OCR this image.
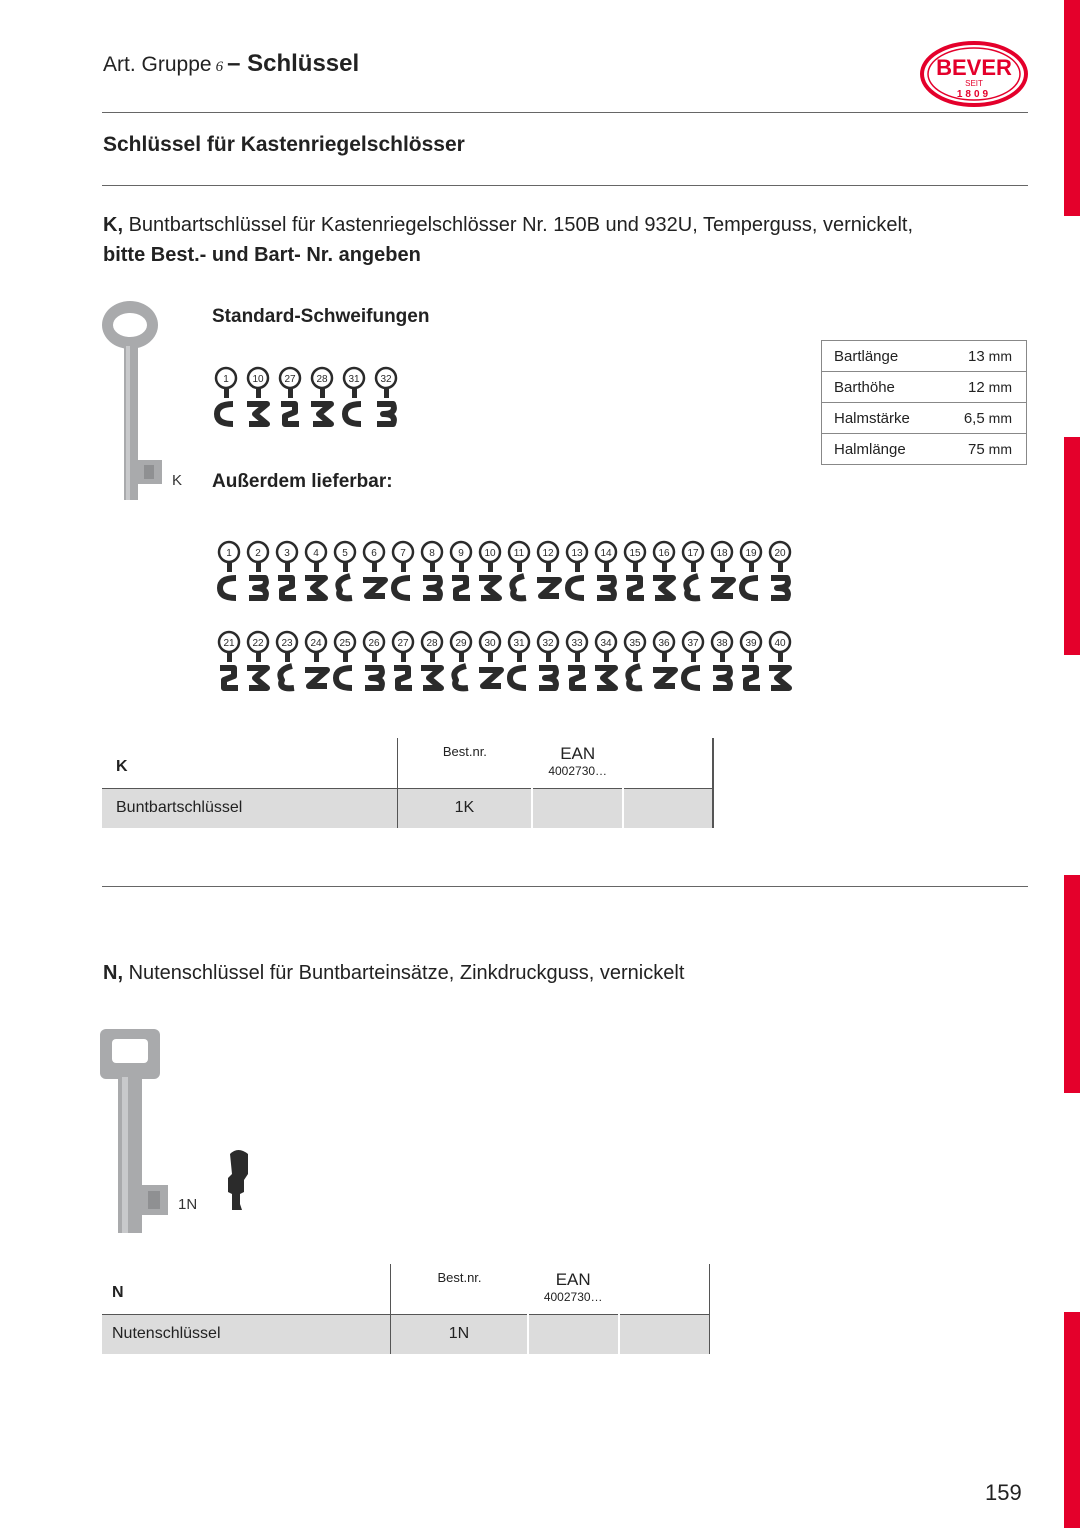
Art. Gruppe 6 – Schlüssel	BEVER
SEIT
1809
Schlüssel für Kastenriegelschlösser
K, Buntbartschlüssel für Kastenriegelschlösser Nr. 150B und 932U, Temperguss, vernickelt,
bitte Best.- und Bart- Nr. angeben
K
Standard-Schweifungen
Außerdem lieferbar:
1 10 27 28 31 32
1 2 3 4 5 6 7 8 9 10 11 12 13 14 15 16 17 18 19 20
21 22 23 24 25 26 27 28 29 30 31 32 33 34 35 36 37 38 39 40
Bartlänge	13 mm
Barthöhe	12 mm
Halmstärke	6,5 mm
Halmlänge	75 mm
K	Best.nr.	EAN
4002730…	

Buntbartschlüssel	1K		
N, Nutenschlüssel für Buntbarteinsätze, Zinkdruckguss, vernickelt
1N
N	Best.nr.	EAN
4002730…	

Nutenschlüssel	1N		
159
